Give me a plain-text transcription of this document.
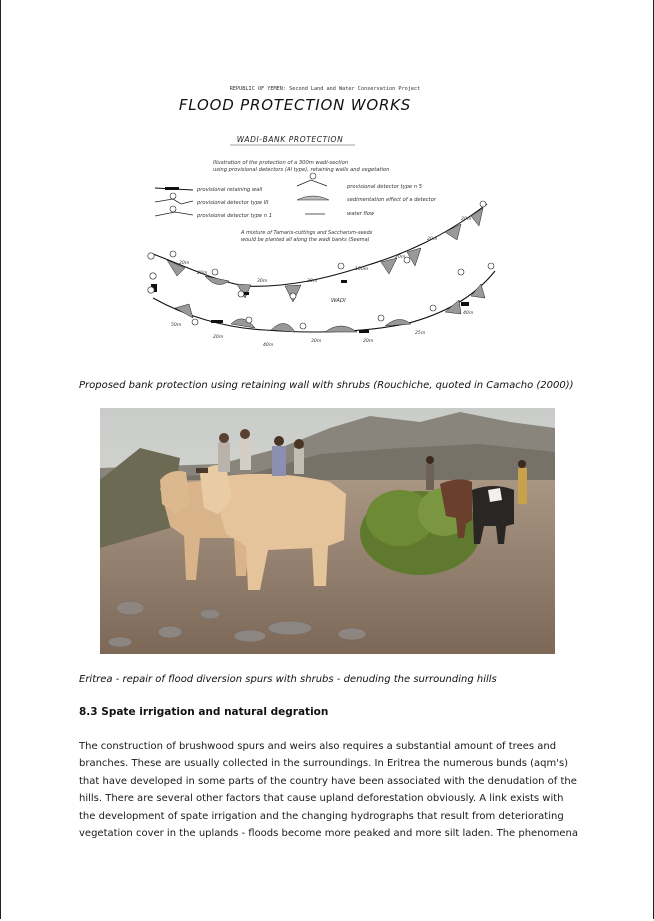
REPUBLIC OF YEMEN: Second Land and Water Conservation Project
FLOOD PROTECTION WORKS
WADI-BANK PROTECTION
Illustration of the protection of a 300m wadi-section
using provisional detectors (Al type), retaining walls and vegetation
provisional retaining wall
provisional detector type III
provisional detector type n 1
provisional detector type n 5
sedimentation effect of a detector
water flow
A mixture of Tamarix-cuttings and Saccharum-seeds
would be planted all along the wadi banks (Seema)
WADI
20m
20m
30m	20m
100m
20m
20m
20m
50m
20m
40m
30m	20m
25m
40m
Proposed bank protection using retaining wall with shrubs (Rouchiche, quoted in Camacho (2000))
Eritrea - repair of flood diversion spurs with shrubs - denuding the surrounding hills
8.3 Spate irrigation and natural degration
The construction of brushwood spurs and weirs also requires a substantial amount of trees and
branches. These are usually collected in the surroundings. In Eritrea the numerous bunds (aqm's)
that have developed in some parts of the country have been associated with the denudation of the
hills. There are several other factors that cause upland deforestation obviously. A link exists with
the development of spate irrigation and the changing hydrographs that result from deteriorating
vegetation cover in the uplands - floods become more peaked and more silt laden. The phenomena
